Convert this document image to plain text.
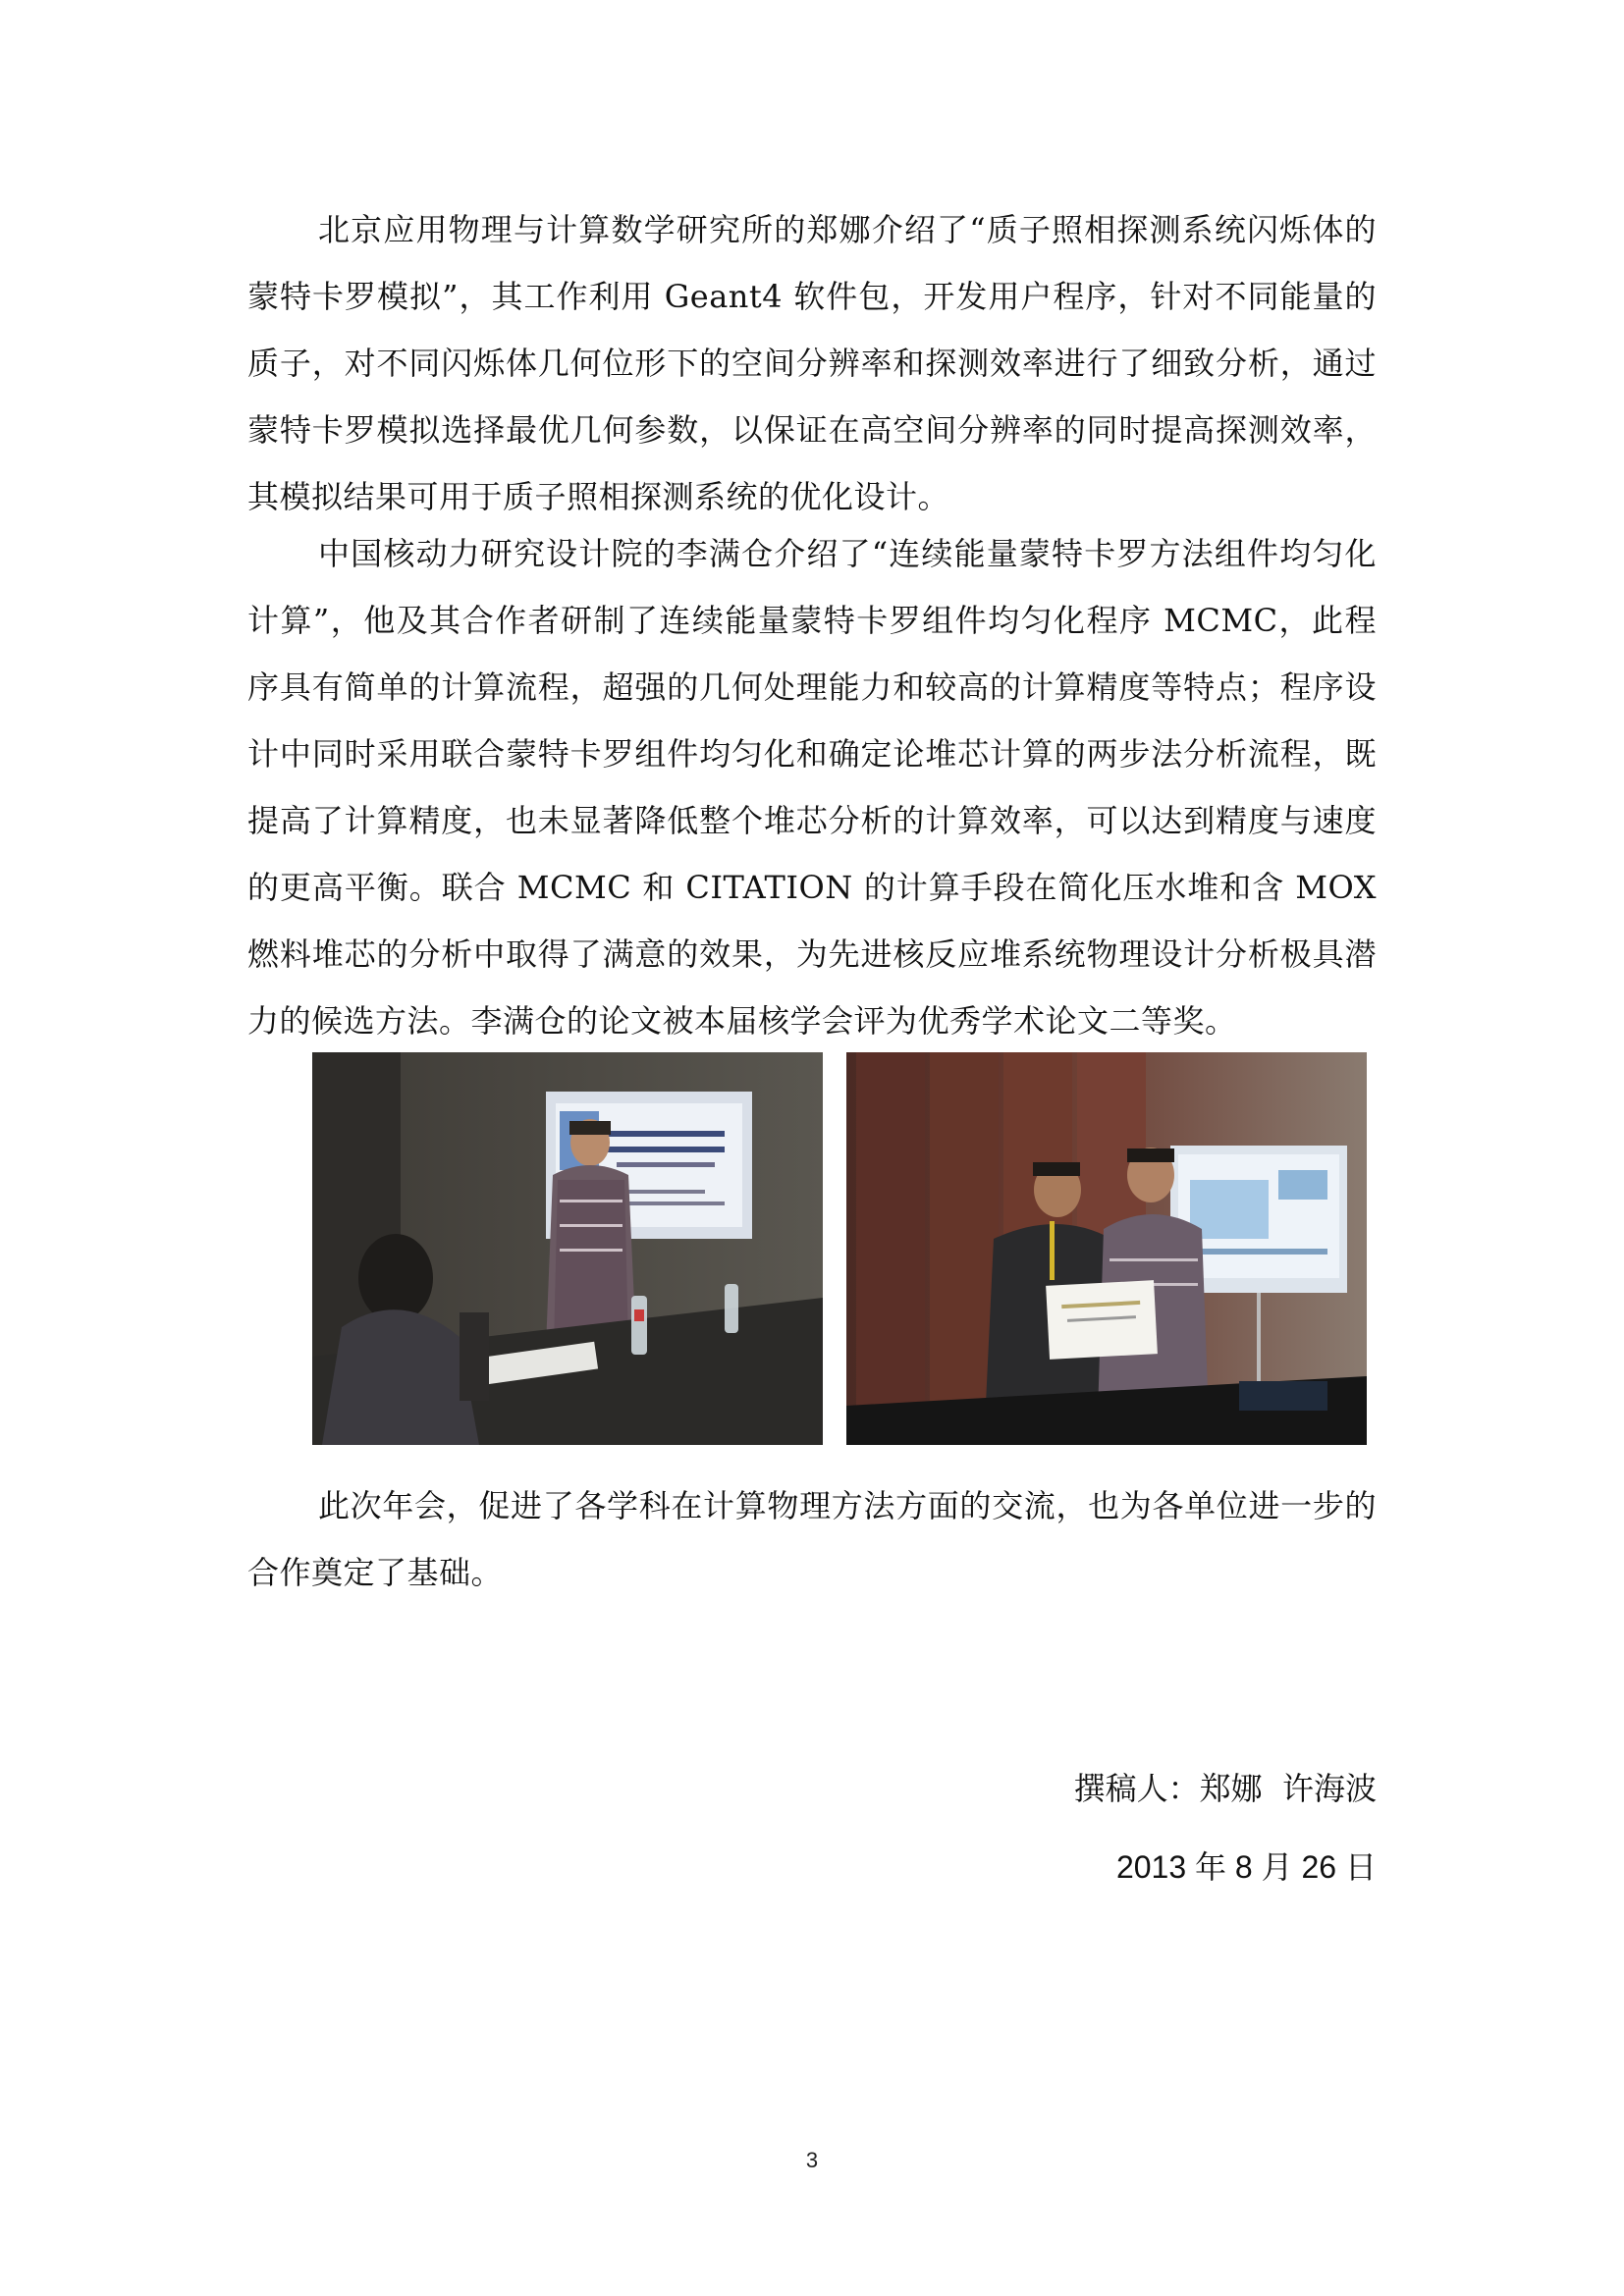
北京应用物理与计算数学研究所的郑娜介绍了“质子照相探测系统闪烁体的蒙特卡罗模拟”，其工作利用 Geant4 软件包，开发用户程序，针对不同能量的质子，对不同闪烁体几何位形下的空间分辨率和探测效率进行了细致分析，通过蒙特卡罗模拟选择最优几何参数，以保证在高空间分辨率的同时提高探测效率，其模拟结果可用于质子照相探测系统的优化设计。

中国核动力研究设计院的李满仓介绍了“连续能量蒙特卡罗方法组件均匀化计算”，他及其合作者研制了连续能量蒙特卡罗组件均匀化程序 MCMC，此程序具有简单的计算流程，超强的几何处理能力和较高的计算精度等特点；程序设计中同时采用联合蒙特卡罗组件均匀化和确定论堆芯计算的两步法分析流程，既提高了计算精度，也未显著降低整个堆芯分析的计算效率，可以达到精度与速度的更高平衡。联合 MCMC 和 CITATION 的计算手段在简化压水堆和含 MOX 燃料堆芯的分析中取得了满意的效果，为先进核反应堆系统物理设计分析极具潜力的候选方法。李满仓的论文被本届核学会评为优秀学术论文二等奖。

此次年会，促进了各学科在计算物理方法方面的交流，也为各单位进一步的合作奠定了基础。

撰稿人：郑娜  许海波

2013 年 8 月 26 日

3
